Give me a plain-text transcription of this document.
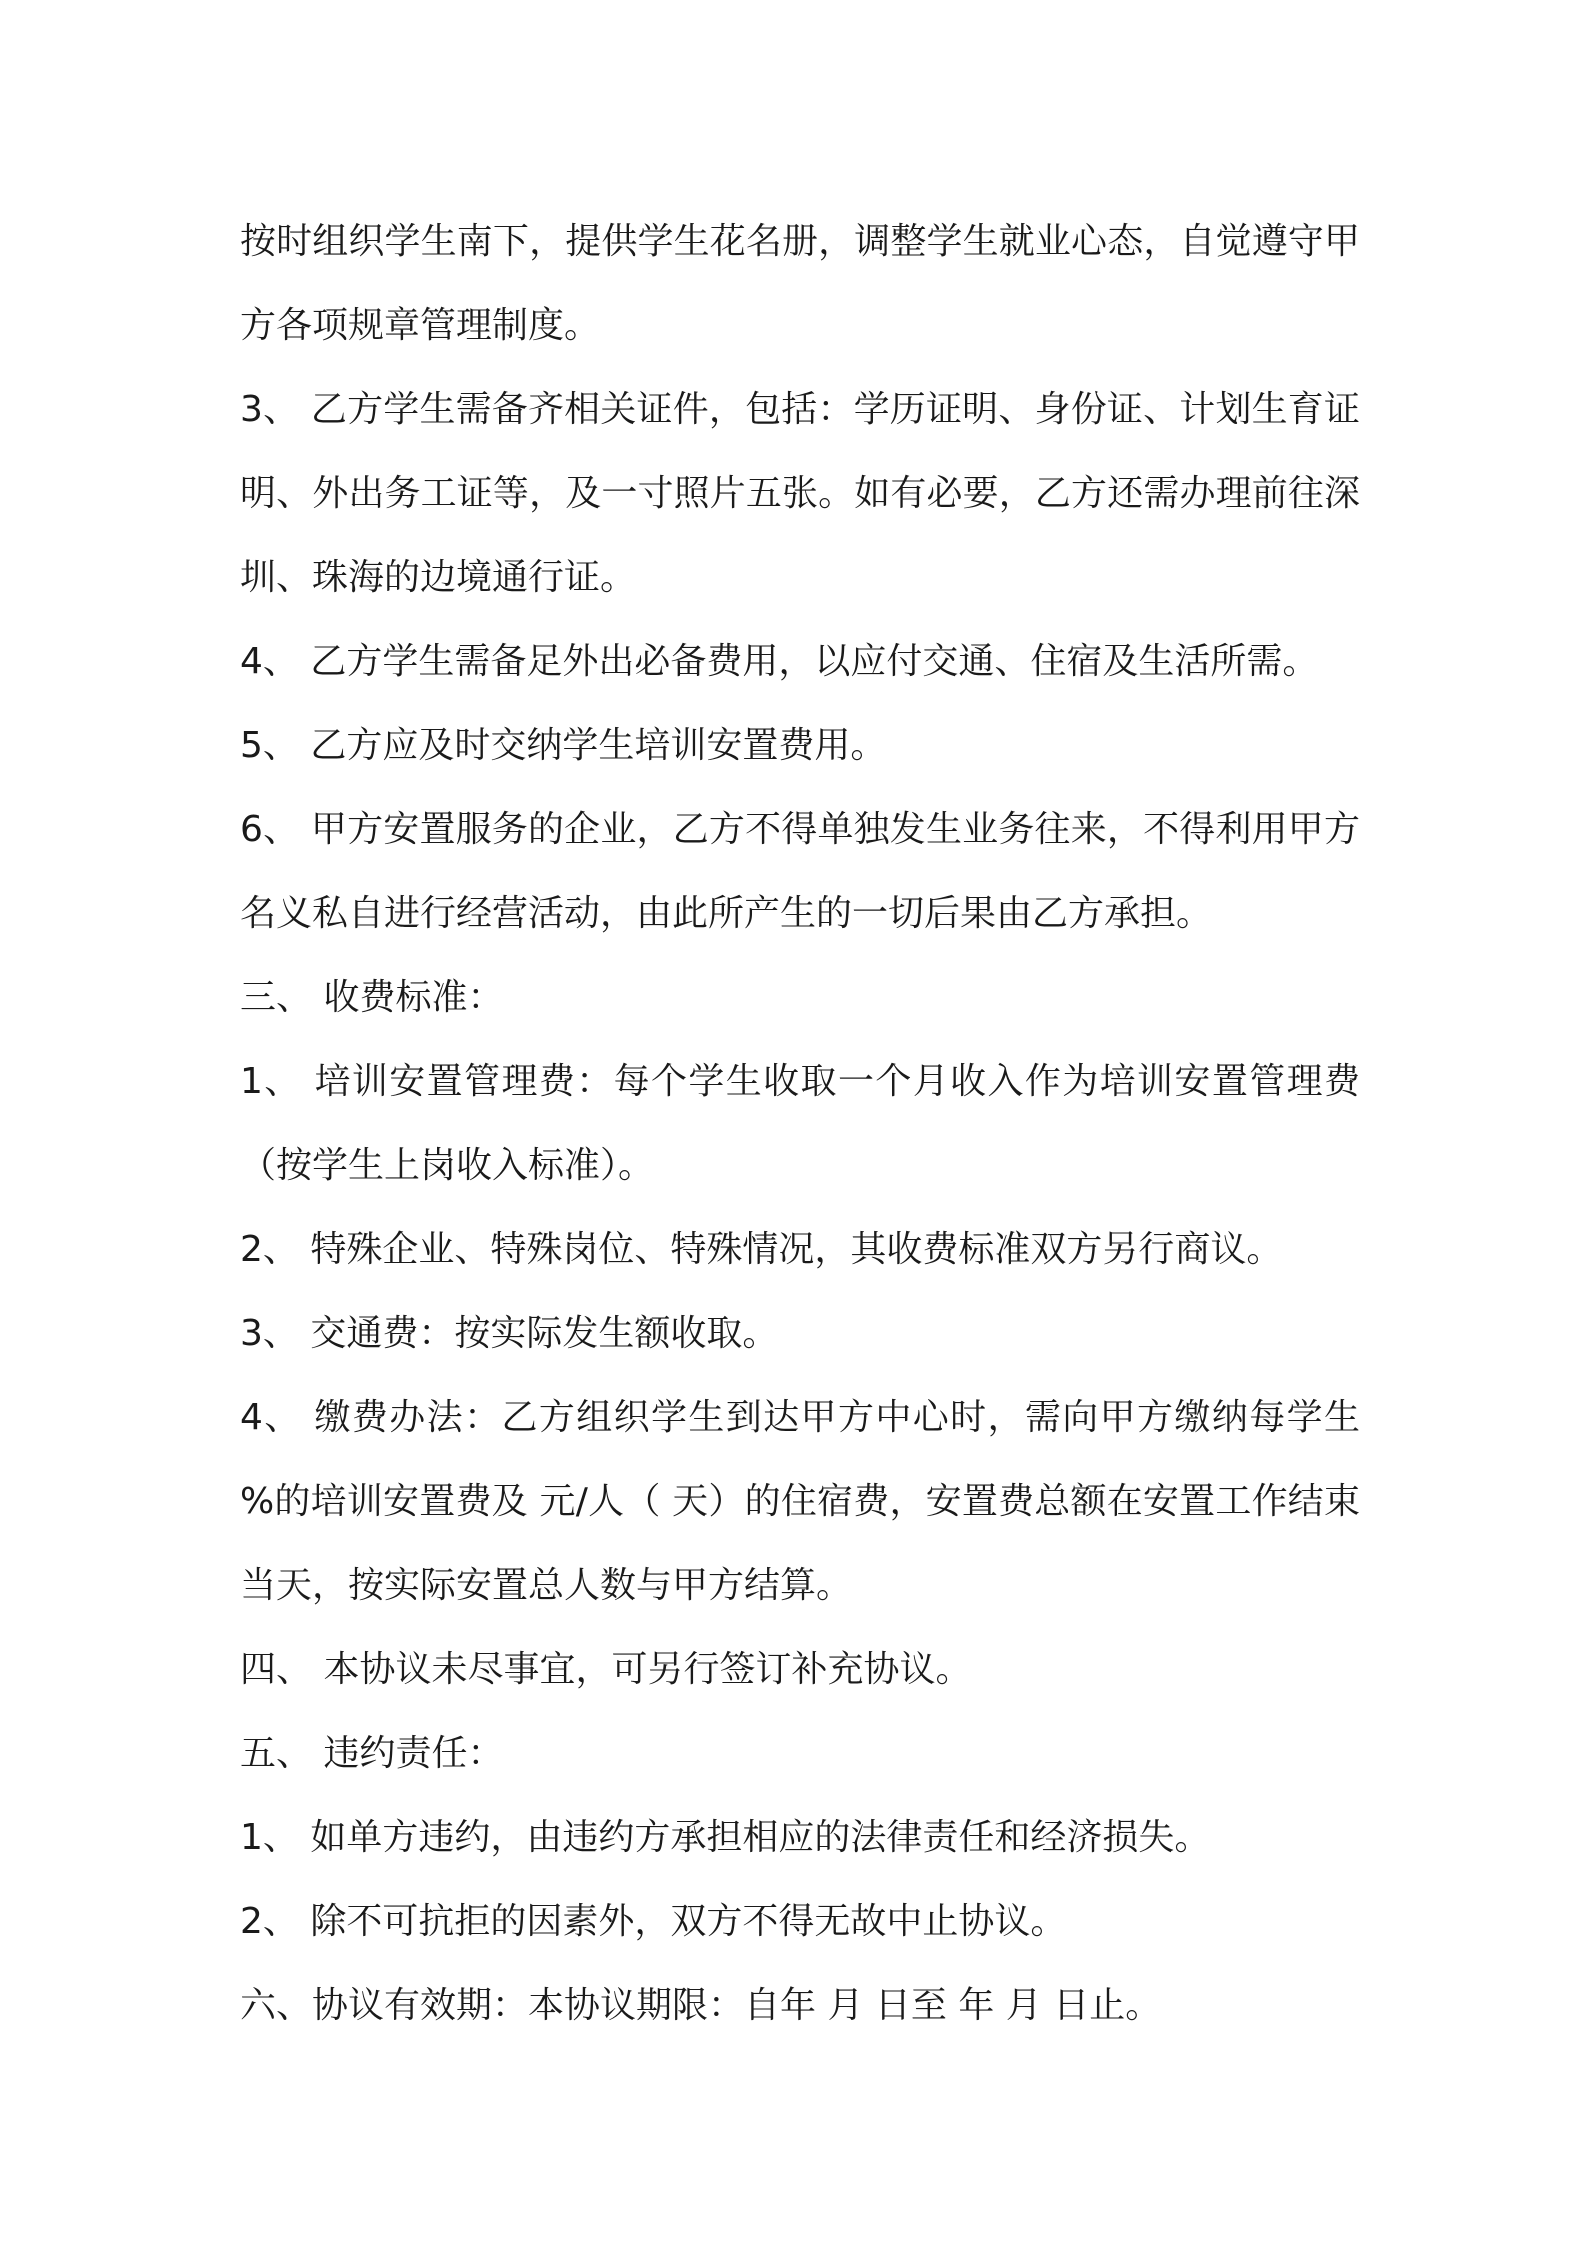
按时组织学生南下，提供学生花名册，调整学生就业心态，自觉遵守甲方各项规章管理制度。

3、 乙方学生需备齐相关证件，包括：学历证明、身份证、计划生育证明、外出务工证等，及一寸照片五张。如有必要，乙方还需办理前往深圳、珠海的边境通行证。

4、 乙方学生需备足外出必备费用，以应付交通、住宿及生活所需。

5、 乙方应及时交纳学生培训安置费用。

6、 甲方安置服务的企业，乙方不得单独发生业务往来，不得利用甲方名义私自进行经营活动，由此所产生的一切后果由乙方承担。

三、 收费标准：

1、 培训安置管理费：每个学生收取一个月收入作为培训安置管理费（按学生上岗收入标准）。

2、 特殊企业、特殊岗位、特殊情况，其收费标准双方另行商议。

3、 交通费：按实际发生额收取。

4、 缴费办法：乙方组织学生到达甲方中心时，需向甲方缴纳每学生 %的培训安置费及 元/人（ 天）的住宿费，安置费总额在安置工作结束当天，按实际安置总人数与甲方结算。

四、 本协议未尽事宜，可另行签订补充协议。

五、 违约责任：

1、 如单方违约，由违约方承担相应的法律责任和经济损失。

2、 除不可抗拒的因素外，双方不得无故中止协议。

六、协议有效期：本协议期限：自年 月 日至 年 月 日止。
